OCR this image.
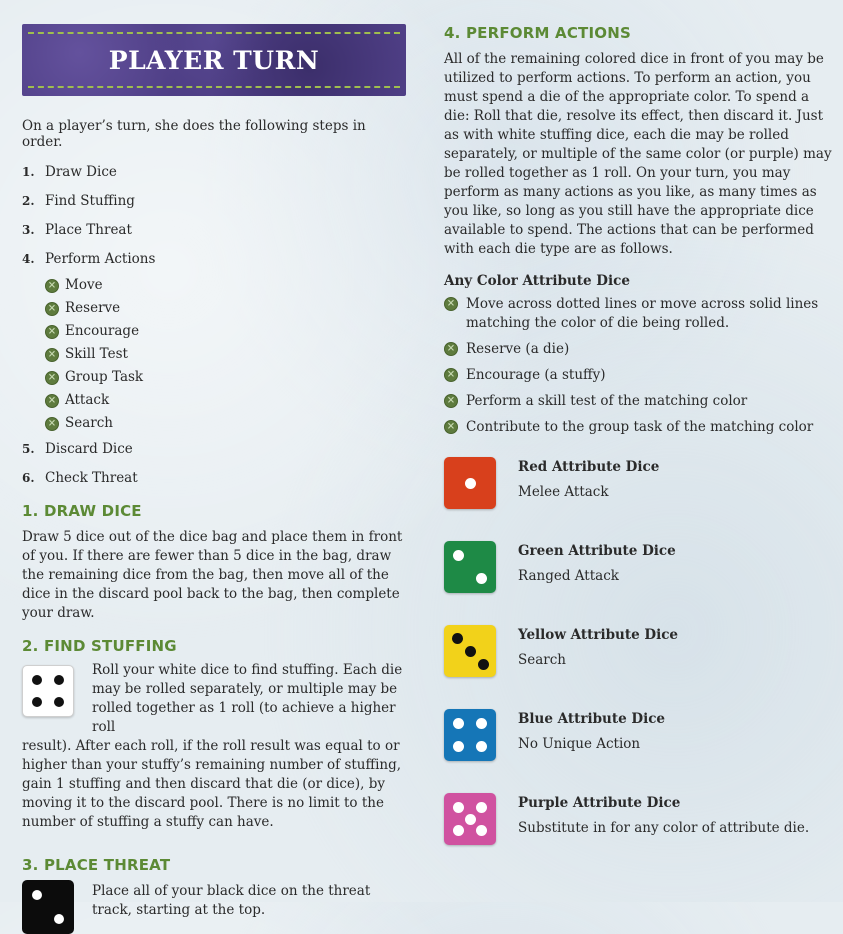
PLAYER TURN

On a player’s turn, she does the following steps in order.

1. Draw Dice
2. Find Stuffing
3. Place Threat
4. Perform Actions
×
Move
×
Reserve
×
Encourage
×
Skill Test
×
Group Task
×
Attack
×
Search
5. Discard Dice
6. Check Threat
1. DRAW DICE

Draw 5 dice out of the dice bag and place them in front of you. If there are fewer than 5 dice in the bag, draw the remaining dice from the bag, then move all of the dice in the discard pool back to the bag, then complete your draw.

2. FIND STUFFING

Roll your white dice to find stuffing. Each die may be rolled separately, or multiple may be rolled together as 1 roll (to achieve a higher roll

result). After each roll, if the roll result was equal to or higher than your stuffy’s remaining number of stuffing, gain 1 stuffing and then discard that die (or dice), by moving it to the discard pool. There is no limit to the number of stuffing a stuffy can have.

3. PLACE THREAT

Place all of your black dice on the threat track, starting at the top.

4. PERFORM ACTIONS

All of the remaining colored dice in front of you may be utilized to perform actions. To perform an action, you must spend a die of the appropriate color. To spend a die: Roll that die, resolve its effect, then discard it. Just as with white stuffing dice, each die may be rolled separately, or multiple of the same color (or purple) may be rolled together as 1 roll. On your turn, you may perform as many actions as you like, as many times as you like, so long as you still have the appropriate dice available to spend. The actions that can be performed with each die type are as follows.

Any Color Attribute Dice
×
Move across dotted lines or move across solid lines matching the color of die being rolled.
×
Reserve (a die)
×
Encourage (a stuffy)
×
Perform a skill test of the matching color
×
Contribute to the group task of the matching color
Red Attribute Dice
Melee Attack
Green Attribute Dice
Ranged Attack
Yellow Attribute Dice
Search
Blue Attribute Dice
No Unique Action
Purple Attribute Dice
Substitute in for any color of attribute die.
